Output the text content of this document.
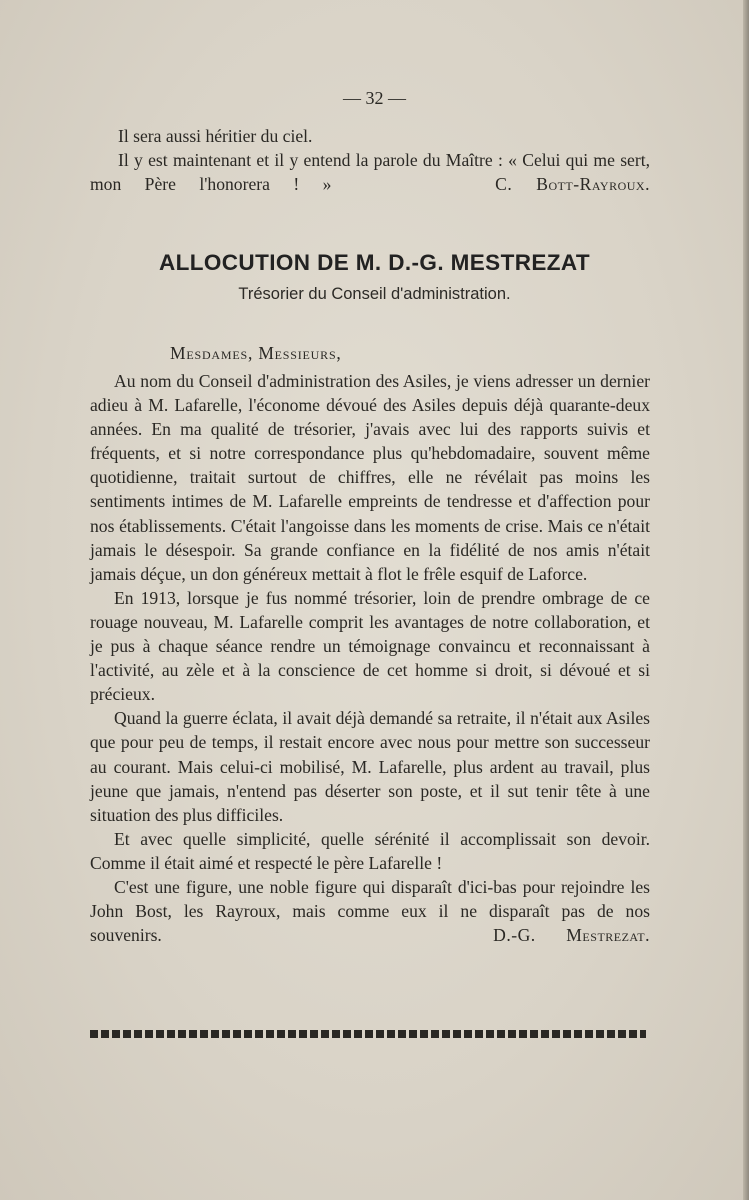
— 32 —

Il sera aussi héritier du ciel.

Il y est maintenant et il y entend la parole du Maître : « Celui qui me sert, mon Père l'honorera ! »	C. Bott-Rayroux.

ALLOCUTION DE M. D.-G. MESTREZAT
Trésorier du Conseil d'administration.
Mesdames, Messieurs,

Au nom du Conseil d'administration des Asiles, je viens adresser un dernier adieu à M. Lafarelle, l'économe dévoué des Asiles depuis déjà quarante-deux années. En ma qualité de trésorier, j'avais avec lui des rapports suivis et fréquents, et si notre correspondance plus qu'hebdomadaire, souvent même quotidienne, traitait surtout de chiffres, elle ne révélait pas moins les sentiments intimes de M. Lafarelle empreints de tendresse et d'affection pour nos établissements. C'était l'angoisse dans les moments de crise. Mais ce n'était jamais le désespoir. Sa grande confiance en la fidélité de nos amis n'était jamais déçue, un don généreux mettait à flot le frêle esquif de Laforce.

En 1913, lorsque je fus nommé trésorier, loin de prendre ombrage de ce rouage nouveau, M. Lafarelle comprit les avantages de notre collaboration, et je pus à chaque séance rendre un témoignage convaincu et reconnaissant à l'activité, au zèle et à la conscience de cet homme si droit, si dévoué et si précieux.

Quand la guerre éclata, il avait déjà demandé sa retraite, il n'était aux Asiles que pour peu de temps, il restait encore avec nous pour mettre son successeur au courant. Mais celui-ci mobilisé, M. Lafarelle, plus ardent au travail, plus jeune que jamais, n'entend pas déserter son poste, et il sut tenir tête à une situation des plus difficiles.

Et avec quelle simplicité, quelle sérénité il accomplissait son devoir. Comme il était aimé et respecté le père Lafarelle !

C'est une figure, une noble figure qui disparaît d'ici-bas pour rejoindre les John Bost, les Rayroux, mais comme eux il ne disparaît pas de nos souvenirs.	D.-G. Mestrezat.
